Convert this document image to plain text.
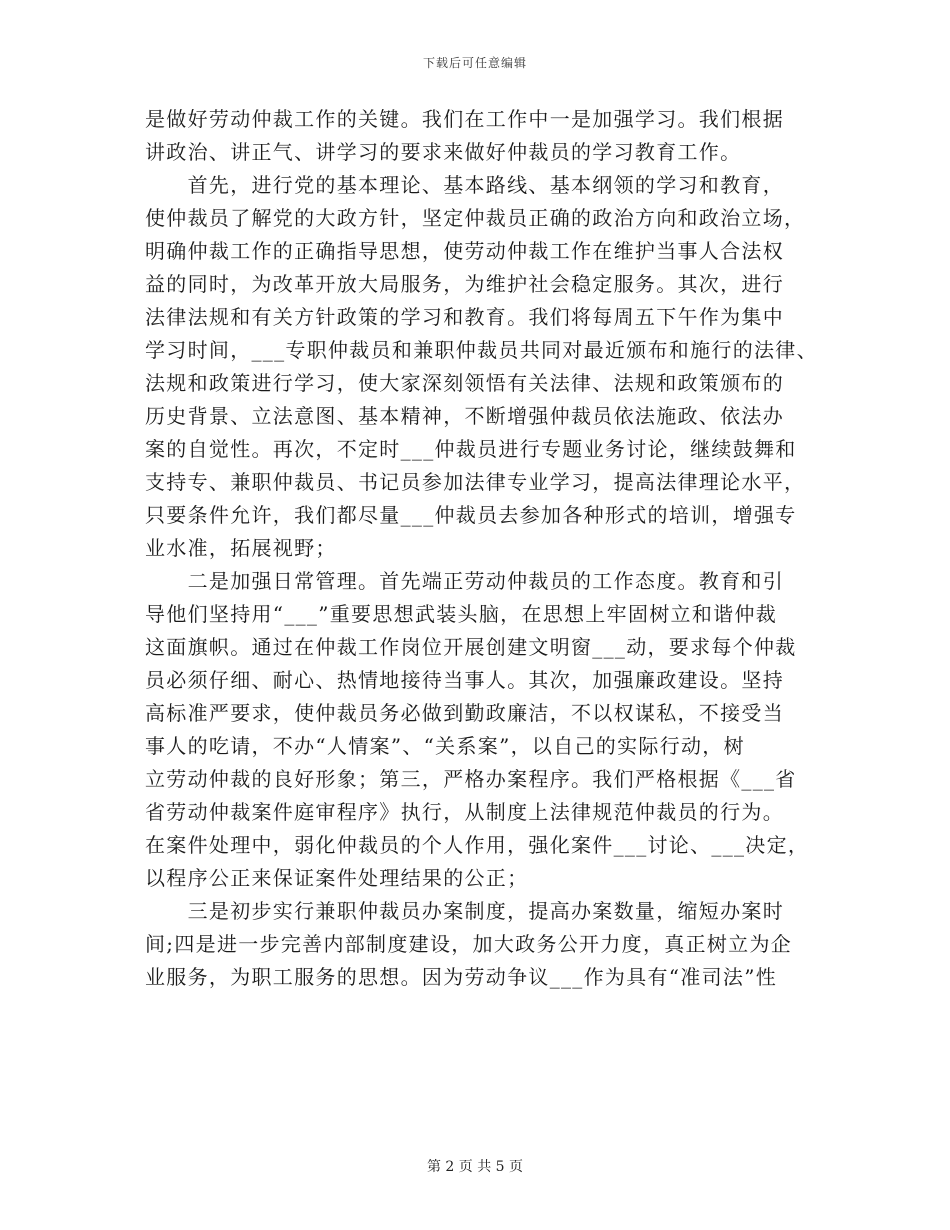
下载后可任意编辑
是做好劳动仲裁工作的关键。我们在工作中一是加强学习。我们根据
讲政治、讲正气、讲学习的要求来做好仲裁员的学习教育工作。
　　首先，进行党的基本理论、基本路线、基本纲领的学习和教育，
使仲裁员了解党的大政方针，坚定仲裁员正确的政治方向和政治立场，
明确仲裁工作的正确指导思想，使劳动仲裁工作在维护当事人合法权
益的同时，为改革开放大局服务，为维护社会稳定服务。其次，进行
法律法规和有关方针政策的学习和教育。我们将每周五下午作为集中
学习时间，___专职仲裁员和兼职仲裁员共同对最近颁布和施行的法律、
法规和政策进行学习，使大家深刻领悟有关法律、法规和政策颁布的
历史背景、立法意图、基本精神，不断增强仲裁员依法施政、依法办
案的自觉性。再次，不定时___仲裁员进行专题业务讨论，继续鼓舞和
支持专、兼职仲裁员、书记员参加法律专业学习，提高法律理论水平，
只要条件允许，我们都尽量___仲裁员去参加各种形式的培训，增强专
业水准，拓展视野；
　　二是加强日常管理。首先端正劳动仲裁员的工作态度。教育和引
导他们坚持用“___”重要思想武装头脑，在思想上牢固树立和谐仲裁
这面旗帜。通过在仲裁工作岗位开展创建文明窗___动，要求每个仲裁
员必须仔细、耐心、热情地接待当事人。其次，加强廉政建设。坚持
高标准严要求，使仲裁员务必做到勤政廉洁，不以权谋私，不接受当
事人的吃请，不办“人情案”、“关系案”，以自己的实际行动，树
立劳动仲裁的良好形象；第三，严格办案程序。我们严格根据《___省
省劳动仲裁案件庭审程序》执行，从制度上法律规范仲裁员的行为。
在案件处理中，弱化仲裁员的个人作用，强化案件___讨论、___决定，
以程序公正来保证案件处理结果的公正；
　　三是初步实行兼职仲裁员办案制度，提高办案数量，缩短办案时
间;四是进一步完善内部制度建设，加大政务公开力度，真正树立为企
业服务，为职工服务的思想。因为劳动争议___作为具有“准司法”性
第 2 页 共 5 页
